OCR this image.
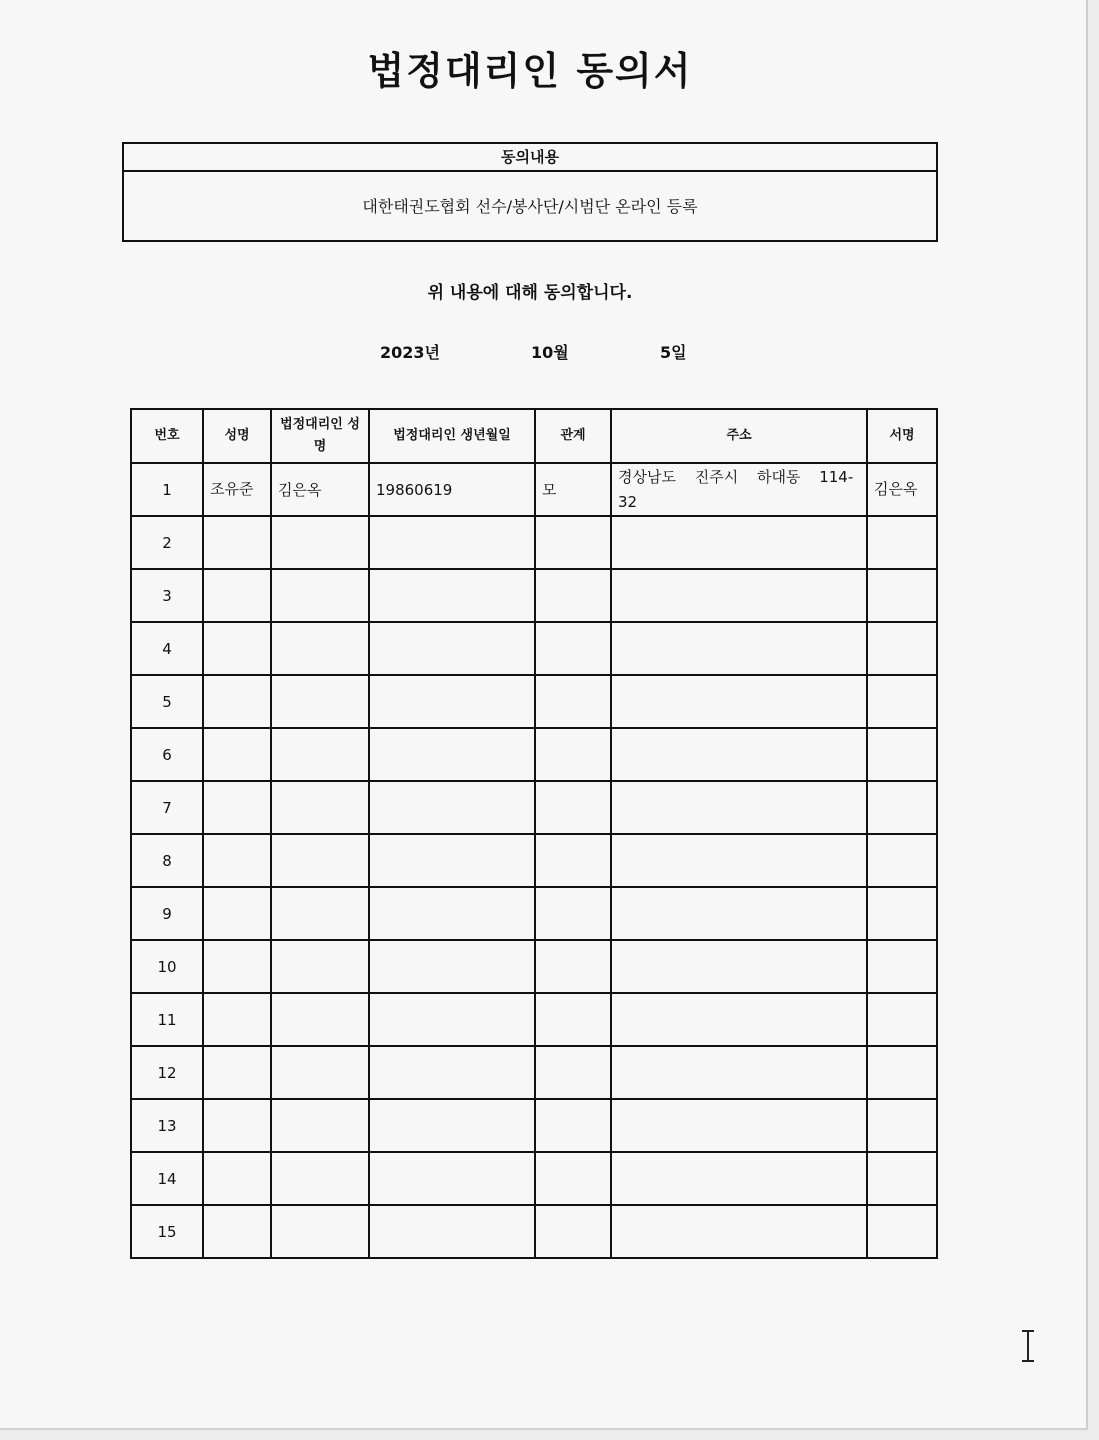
법정대리인 동의서
동의내용
대한태권도협회 선수/봉사단/시범단 온라인 등록
위 내용에 대해 동의합니다.
2023년	10월	5일
번호	성명	법정대리인 성명	법정대리인 생년월일	관계	주소	서명
1	조유준	김은옥	19860619	모	경상남도 진주시 하대동 114-32	김은옥
2						
3						
4						
5						
6						
7						
8						
9						
10						
11						
12						
13						
14						
15						
